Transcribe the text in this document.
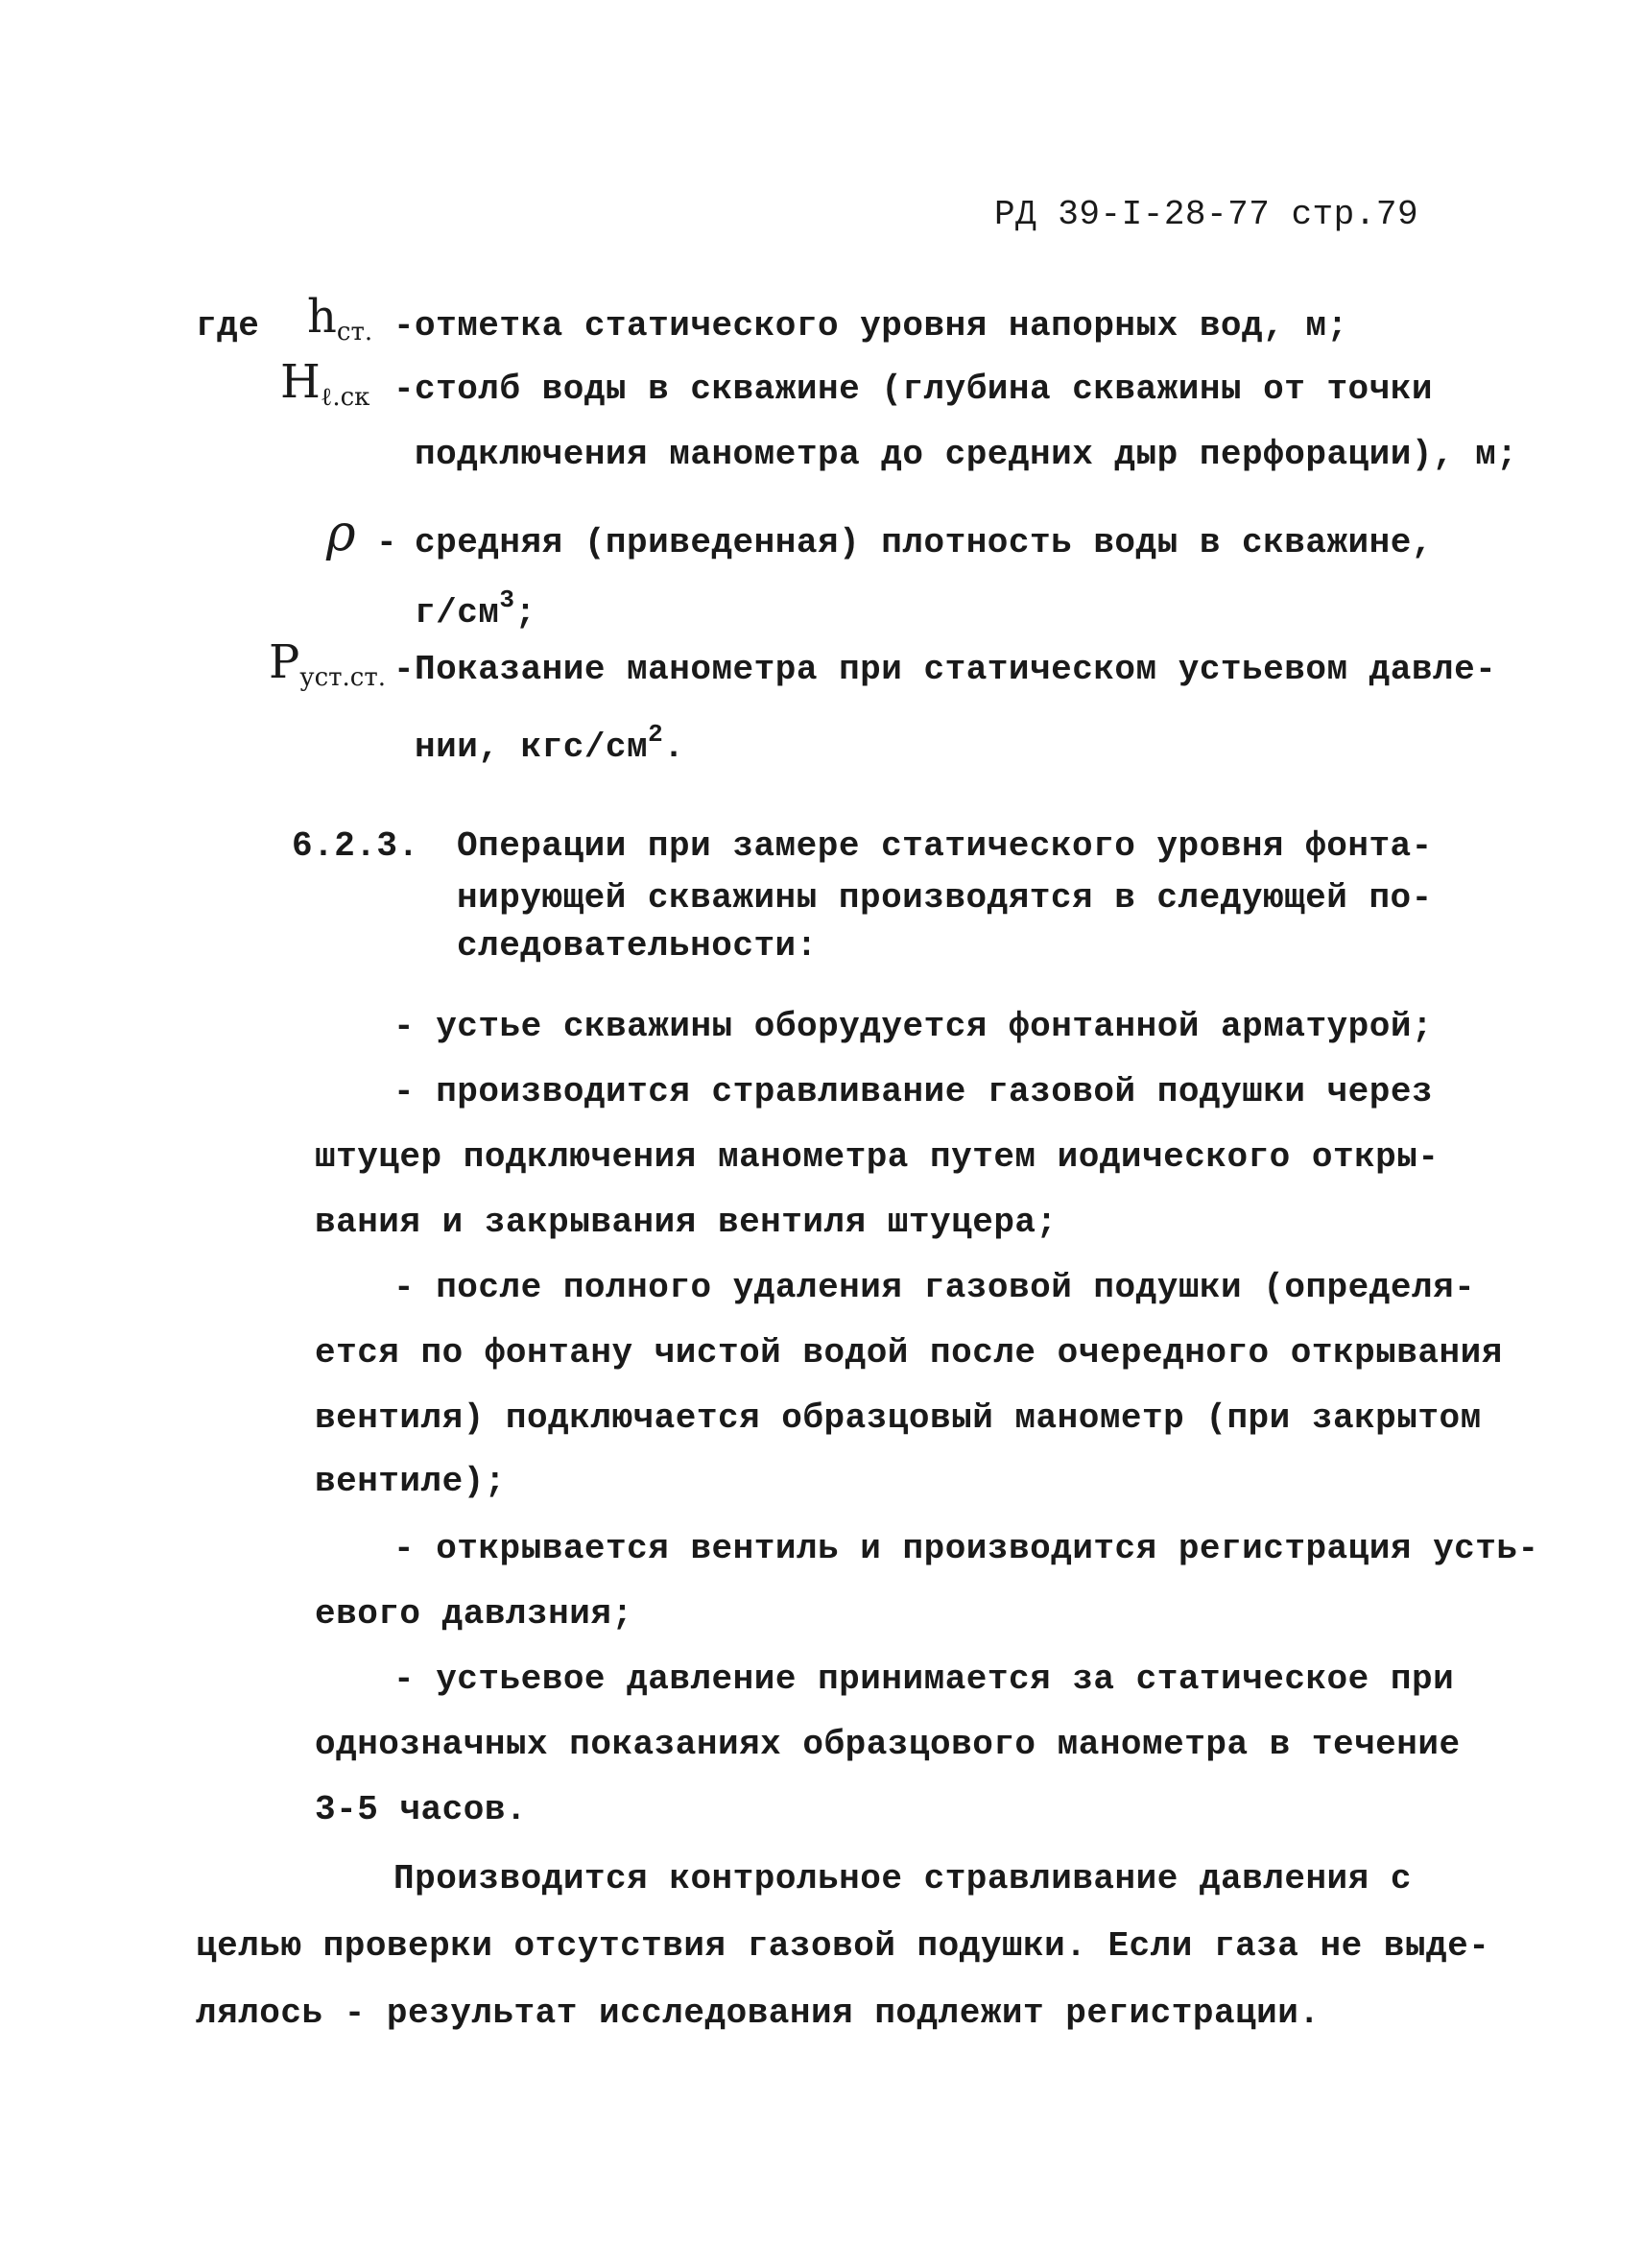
РД 39-I-28-77 стр.79
где $h_{ст.}$ - отметка статического уровня напорных вод, м;
$H_{\ell.ск}$ - столб воды в скважине (глубина скважины от точки
подключения манометра до средних дыр перфорации), м;
ρ - средняя (приведенная) плотность воды в скважине,
$г/см^3$;
$P_{уст.ст.}$ - Показание манометра при статическом устьевом давле-
нии, кгс/$см^2$.
6.2.3. Операции при замере статического уровня фонта-
нирующей скважины производятся в следующей по-
следовательности:
- устье скважины оборудуется фонтанной арматурой;
- производится стравливание газовой подушки через
штуцер подключения манометра путем иодического откры-
вания и закрывания вентиля штуцера;
- после полного удаления газовой подушки (определя-
ется по фонтану чистой водой после очередного открывания
вентиля) подключается образцовый манометр (при закрытом
вентиле);
- открывается вентиль и производится регистрация усть-
евого давлзния;
- устьевое давление принимается за статическое при
однозначных показаниях образцового манометра в течение
3-5 часов.
Производится контрольное стравливание давления с
целью проверки отсутствия газовой подушки. Если газа не выде-
лялось - результат исследования подлежит регистрации.
